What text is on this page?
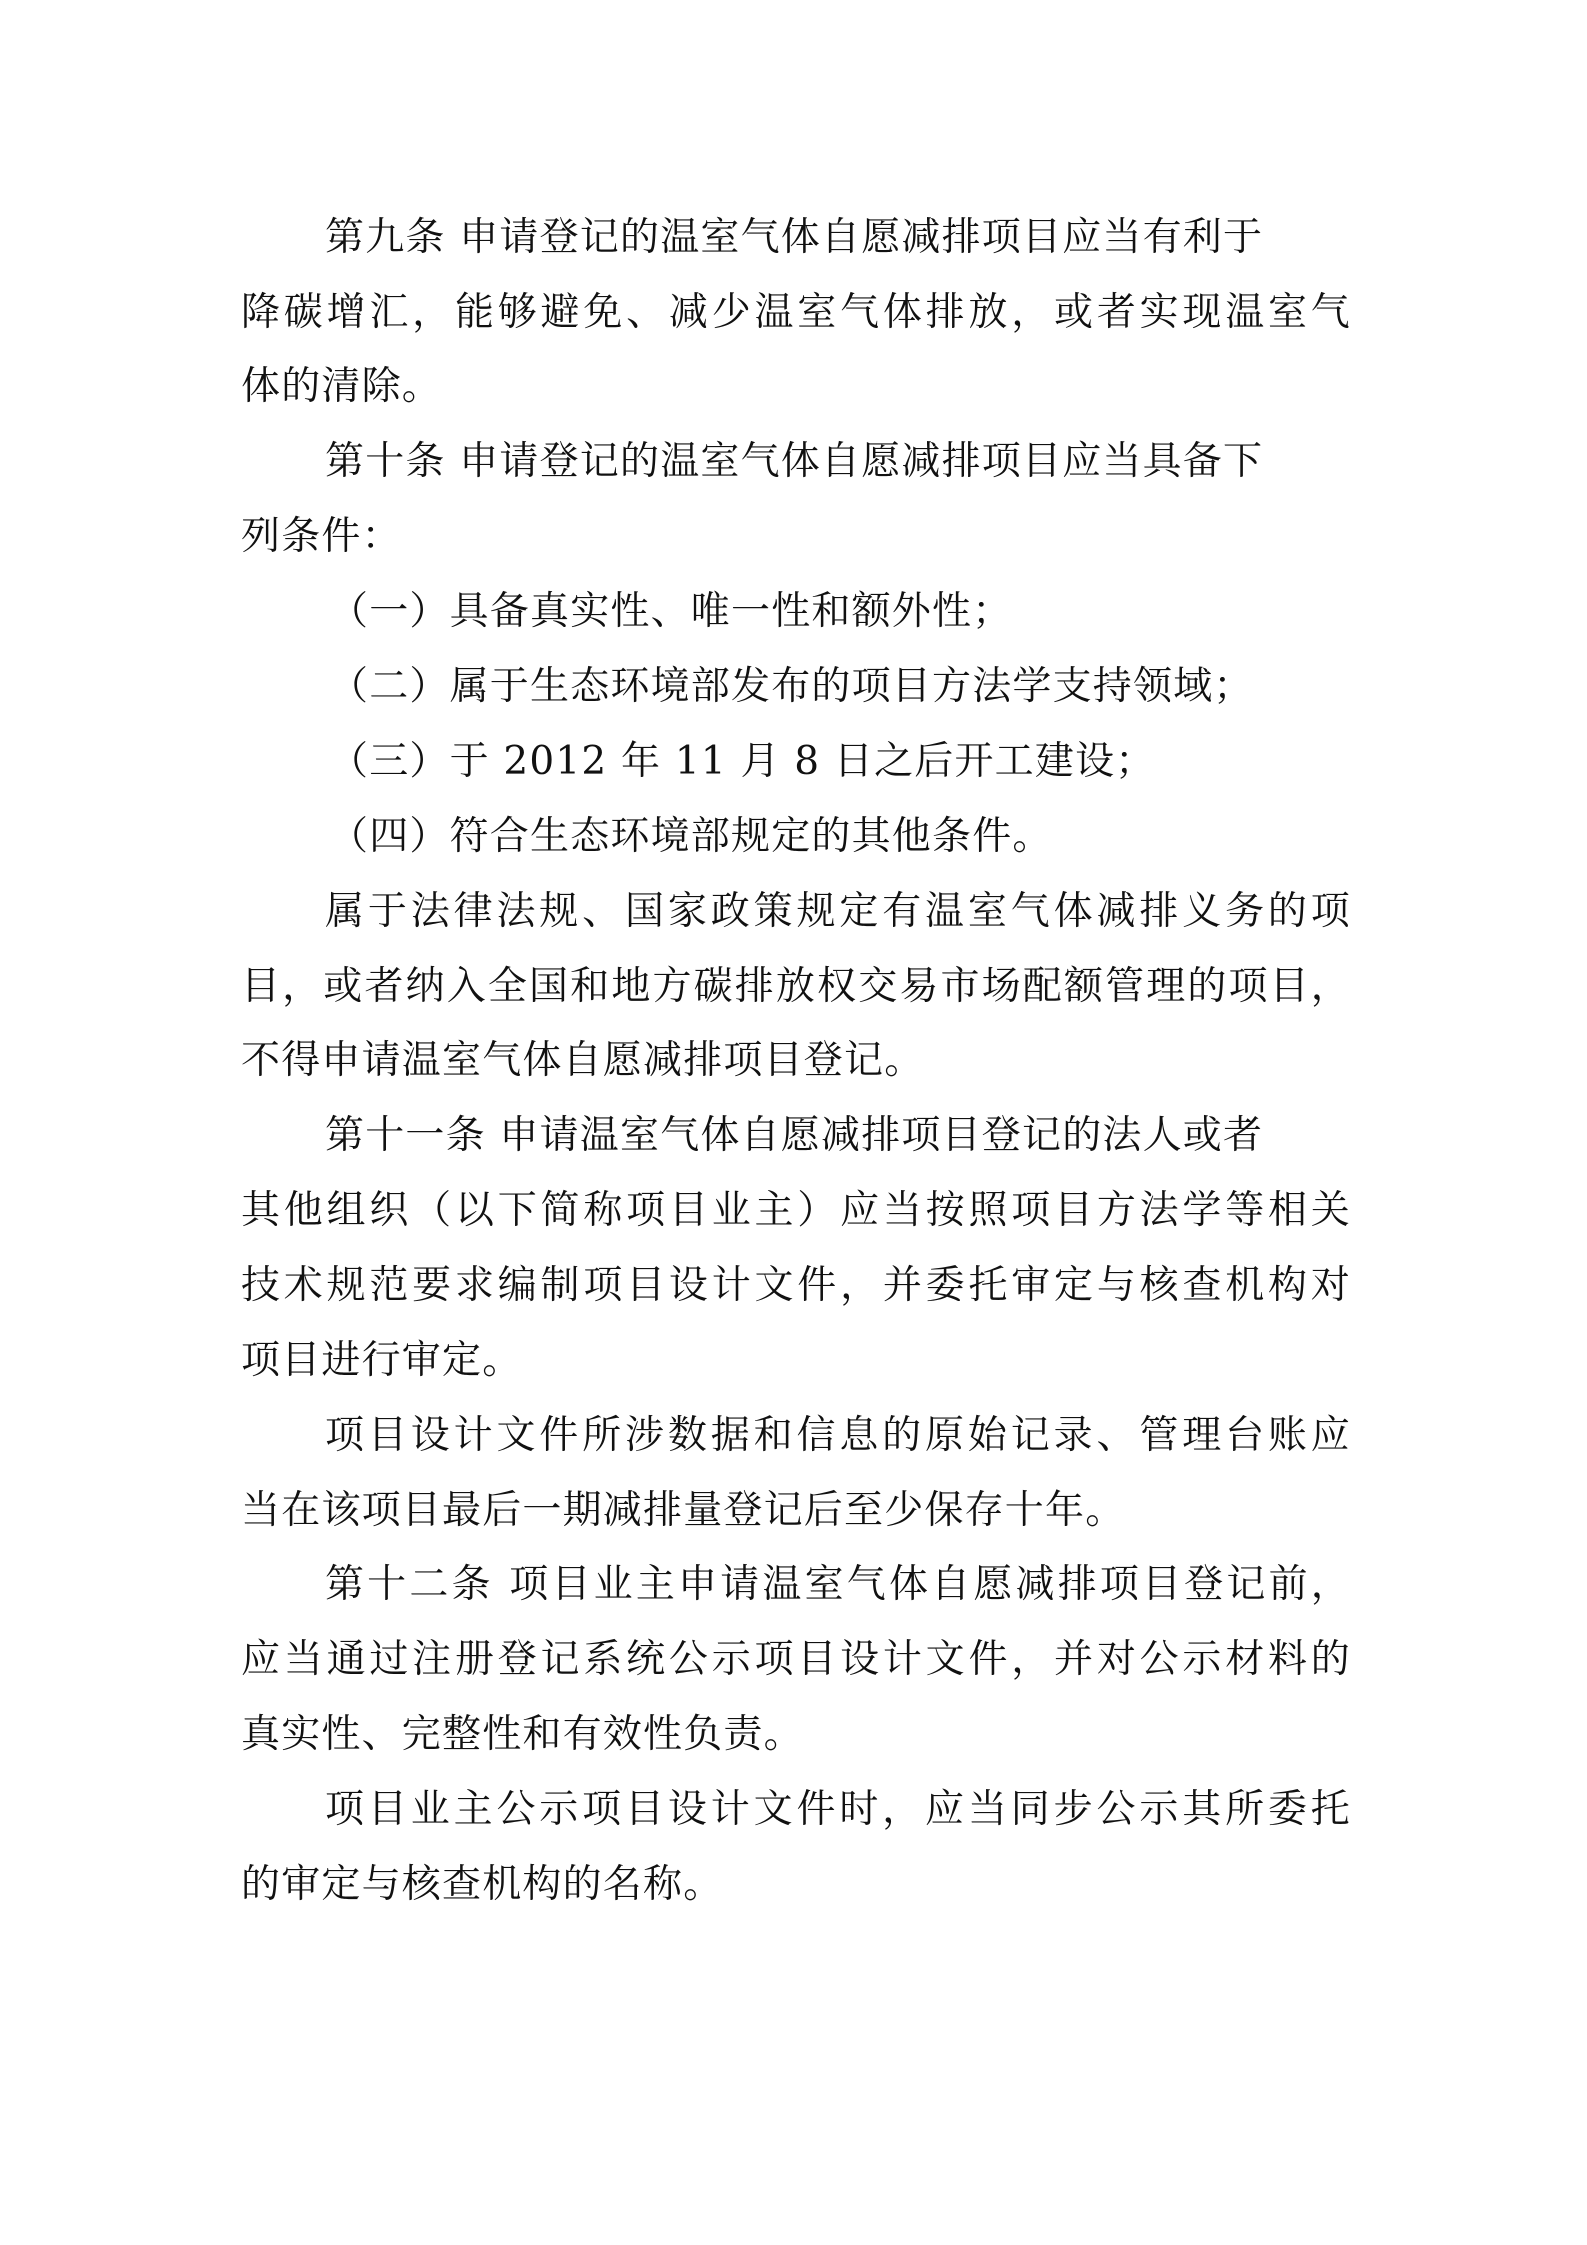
第九条 申请登记的温室气体自愿减排项目应当有利于
降碳增汇，能够避免、减少温室气体排放，或者实现温室气
体的清除。
第十条 申请登记的温室气体自愿减排项目应当具备下
列条件：
（一）具备真实性、唯一性和额外性；
（二）属于生态环境部发布的项目方法学支持领域；
（三）于 2012 年 11 月 8 日之后开工建设；
（四）符合生态环境部规定的其他条件。
属于法律法规、国家政策规定有温室气体减排义务的项
目，或者纳入全国和地方碳排放权交易市场配额管理的项目，
不得申请温室气体自愿减排项目登记。
第十一条 申请温室气体自愿减排项目登记的法人或者
其他组织（以下简称项目业主）应当按照项目方法学等相关
技术规范要求编制项目设计文件，并委托审定与核查机构对
项目进行审定。
项目设计文件所涉数据和信息的原始记录、管理台账应
当在该项目最后一期减排量登记后至少保存十年。
第十二条 项目业主申请温室气体自愿减排项目登记前，
应当通过注册登记系统公示项目设计文件，并对公示材料的
真实性、完整性和有效性负责。
项目业主公示项目设计文件时，应当同步公示其所委托
的审定与核查机构的名称。
